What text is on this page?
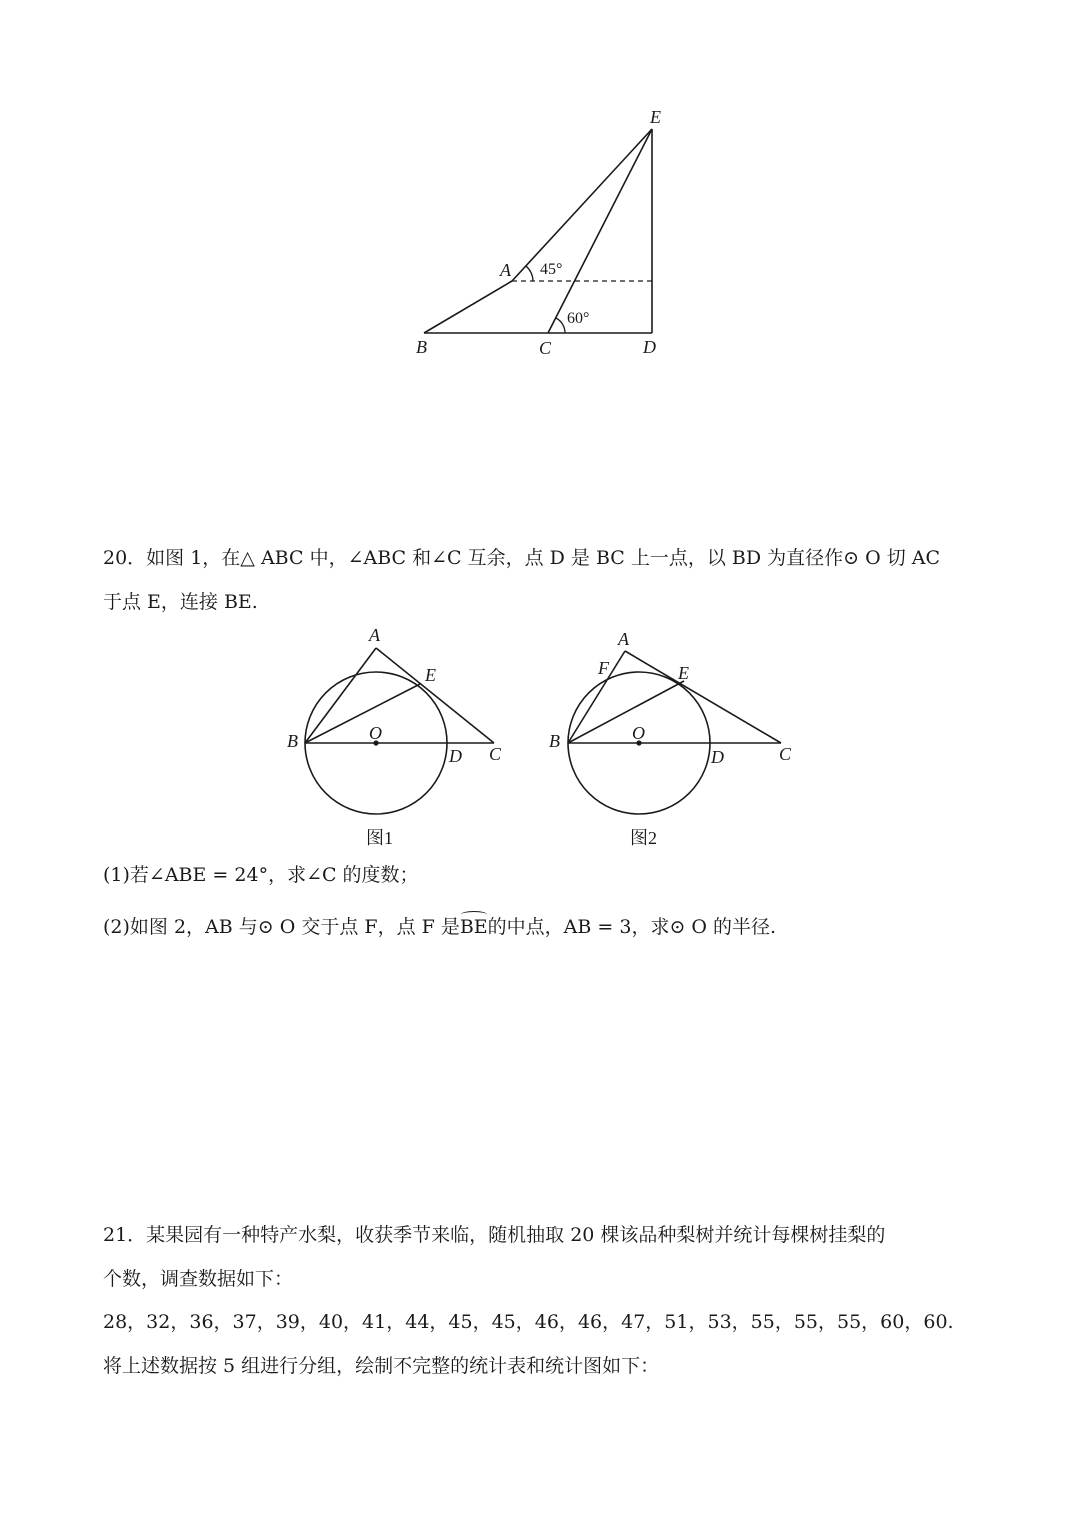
E
A 45°
60°
B	C	D
A
E
B	O
D C
图1
A
F	E
B	O
D	C
图2
20．如图 1，在△ ABC 中，∠ABC 和∠C 互余，点 D 是 BC 上一点，以 BD 为直径作⊙ O 切 AC
于点 E，连接 BE.
(1)若∠ABE = 24°，求∠C 的度数；
(2)如图 2，AB 与⊙ O 交于点 F，点 F 是BE的中点，AB = 3，求⊙ O 的半径.
21．某果园有一种特产水梨，收获季节来临，随机抽取 20 棵该品种梨树并统计每棵树挂梨的
个数，调查数据如下：
28，32，36，37，39，40，41，44，45，45，46，46，47，51，53，55，55，55，60，60.
将上述数据按 5 组进行分组，绘制不完整的统计表和统计图如下：
